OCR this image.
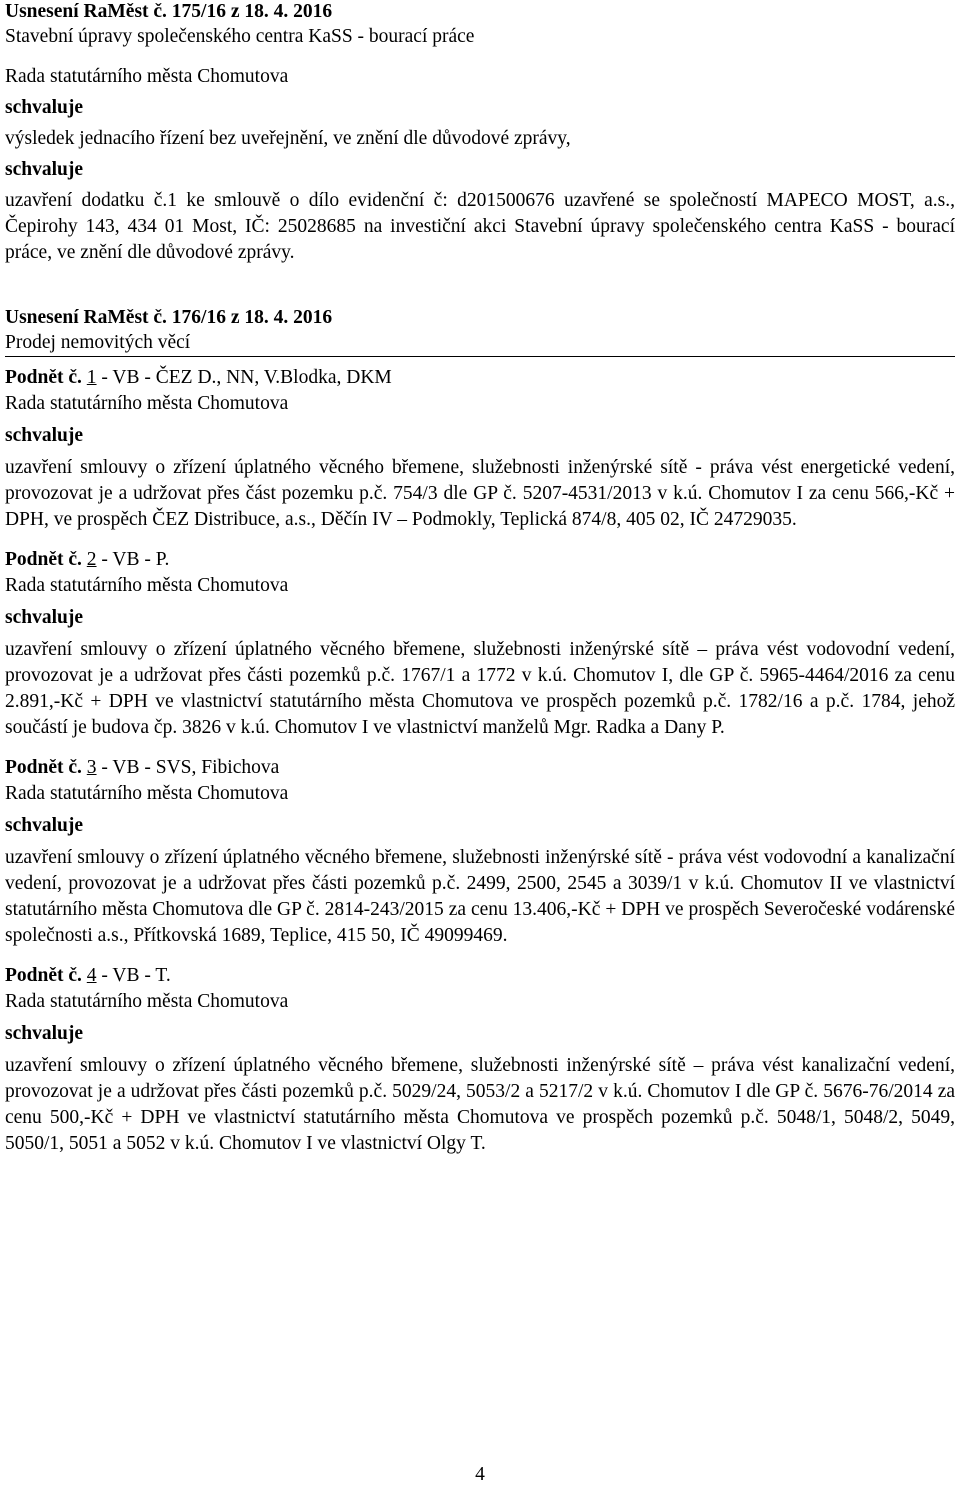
Usnesení RaMěst č. 175/16 z 18. 4. 2016

Stavební úpravy společenského centra KaSS - bourací práce

Rada statutárního města Chomutova

schvaluje

výsledek jednacího řízení bez uveřejnění, ve znění dle důvodové zprávy,

schvaluje

uzavření dodatku č.1 ke smlouvě o dílo evidenční č: d201500676 uzavřené se společností MAPECO MOST, a.s., Čepirohy 143, 434 01 Most, IČ: 25028685 na investiční akci Stavební úpravy společenského centra KaSS - bourací práce, ve znění dle důvodové zprávy.

Usnesení RaMěst č. 176/16 z 18. 4. 2016

Prodej nemovitých věcí

Podnět č. 1 - VB - ČEZ D., NN, V.Blodka, DKM

Rada statutárního města Chomutova

schvaluje

uzavření smlouvy o zřízení úplatného věcného břemene, služebnosti inženýrské sítě - práva vést energetické vedení, provozovat je a udržovat přes část pozemku p.č. 754/3 dle GP č. 5207-4531/2013 v k.ú. Chomutov I za cenu 566,-Kč + DPH, ve prospěch ČEZ Distribuce, a.s., Děčín IV – Podmokly, Teplická 874/8, 405 02, IČ 24729035.

Podnět č. 2 - VB - P.

Rada statutárního města Chomutova

schvaluje

uzavření smlouvy o zřízení úplatného věcného břemene, služebnosti inženýrské sítě – práva vést vodovodní vedení, provozovat je a udržovat přes části pozemků p.č. 1767/1 a 1772 v k.ú. Chomutov I, dle GP č. 5965-4464/2016 za cenu 2.891,-Kč + DPH ve vlastnictví statutárního města Chomutova ve prospěch pozemků p.č. 1782/16 a p.č. 1784, jehož součástí je budova čp. 3826 v k.ú. Chomutov I ve vlastnictví manželů Mgr. Radka a Dany P.

Podnět č. 3 - VB - SVS, Fibichova

Rada statutárního města Chomutova

schvaluje

uzavření smlouvy o zřízení úplatného věcného břemene, služebnosti inženýrské sítě - práva vést vodovodní a kanalizační vedení, provozovat je a udržovat přes části pozemků p.č. 2499, 2500, 2545 a 3039/1 v k.ú. Chomutov II ve vlastnictví statutárního města Chomutova dle GP č. 2814-243/2015 za cenu 13.406,-Kč + DPH ve prospěch Severočeské vodárenské společnosti a.s., Přítkovská 1689, Teplice, 415 50, IČ 49099469.

Podnět č. 4 - VB - T.

Rada statutárního města Chomutova

schvaluje

uzavření smlouvy o zřízení úplatného věcného břemene, služebnosti inženýrské sítě – práva vést kanalizační vedení, provozovat je a udržovat přes části pozemků p.č. 5029/24, 5053/2 a 5217/2 v k.ú. Chomutov I dle GP č. 5676-76/2014 za cenu 500,-Kč + DPH ve vlastnictví statutárního města Chomutova ve prospěch pozemků p.č. 5048/1, 5048/2, 5049, 5050/1, 5051 a 5052 v k.ú. Chomutov I ve vlastnictví Olgy T.

4
